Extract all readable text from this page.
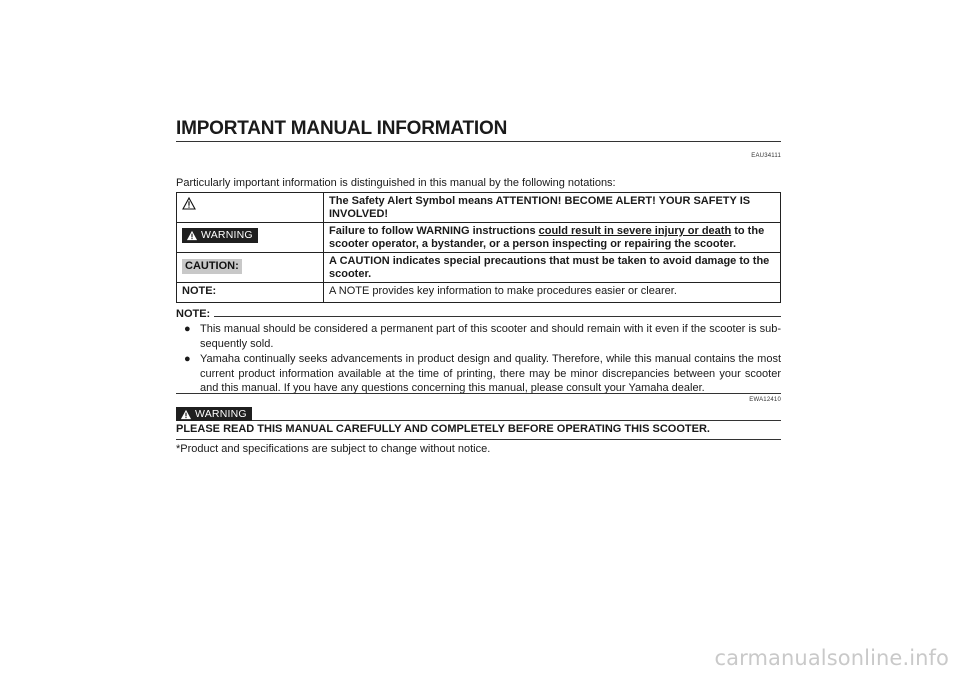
IMPORTANT MANUAL INFORMATION
EAU34111
Particularly important information is distinguished in this manual by the following notations:
	The Safety Alert Symbol means ATTENTION! BECOME ALERT! YOUR SAFETY IS INVOLVED!

WARNING	Failure to follow WARNING instructions could result in severe injury or death to the scooter operator, a bystander, or a person inspecting or repairing the scooter.
CAUTION:	A CAUTION indicates special precautions that must be taken to avoid damage to the scooter.
NOTE:	A NOTE provides key information to make procedures easier or clearer.
NOTE:
● This manual should be considered a permanent part of this scooter and should remain with it even if the scooter is sub-sequently sold.
● Yamaha continually seeks advancements in product design and quality. Therefore, while this manual contains the most current product information available at the time of printing, there may be minor discrepancies between your scooter and this manual. If you have any questions concerning this manual, please consult your Yamaha dealer.
EWA12410
WARNING
PLEASE READ THIS MANUAL CAREFULLY AND COMPLETELY BEFORE OPERATING THIS SCOOTER.
*Product and specifications are subject to change without notice.
carmanualsonline.info
